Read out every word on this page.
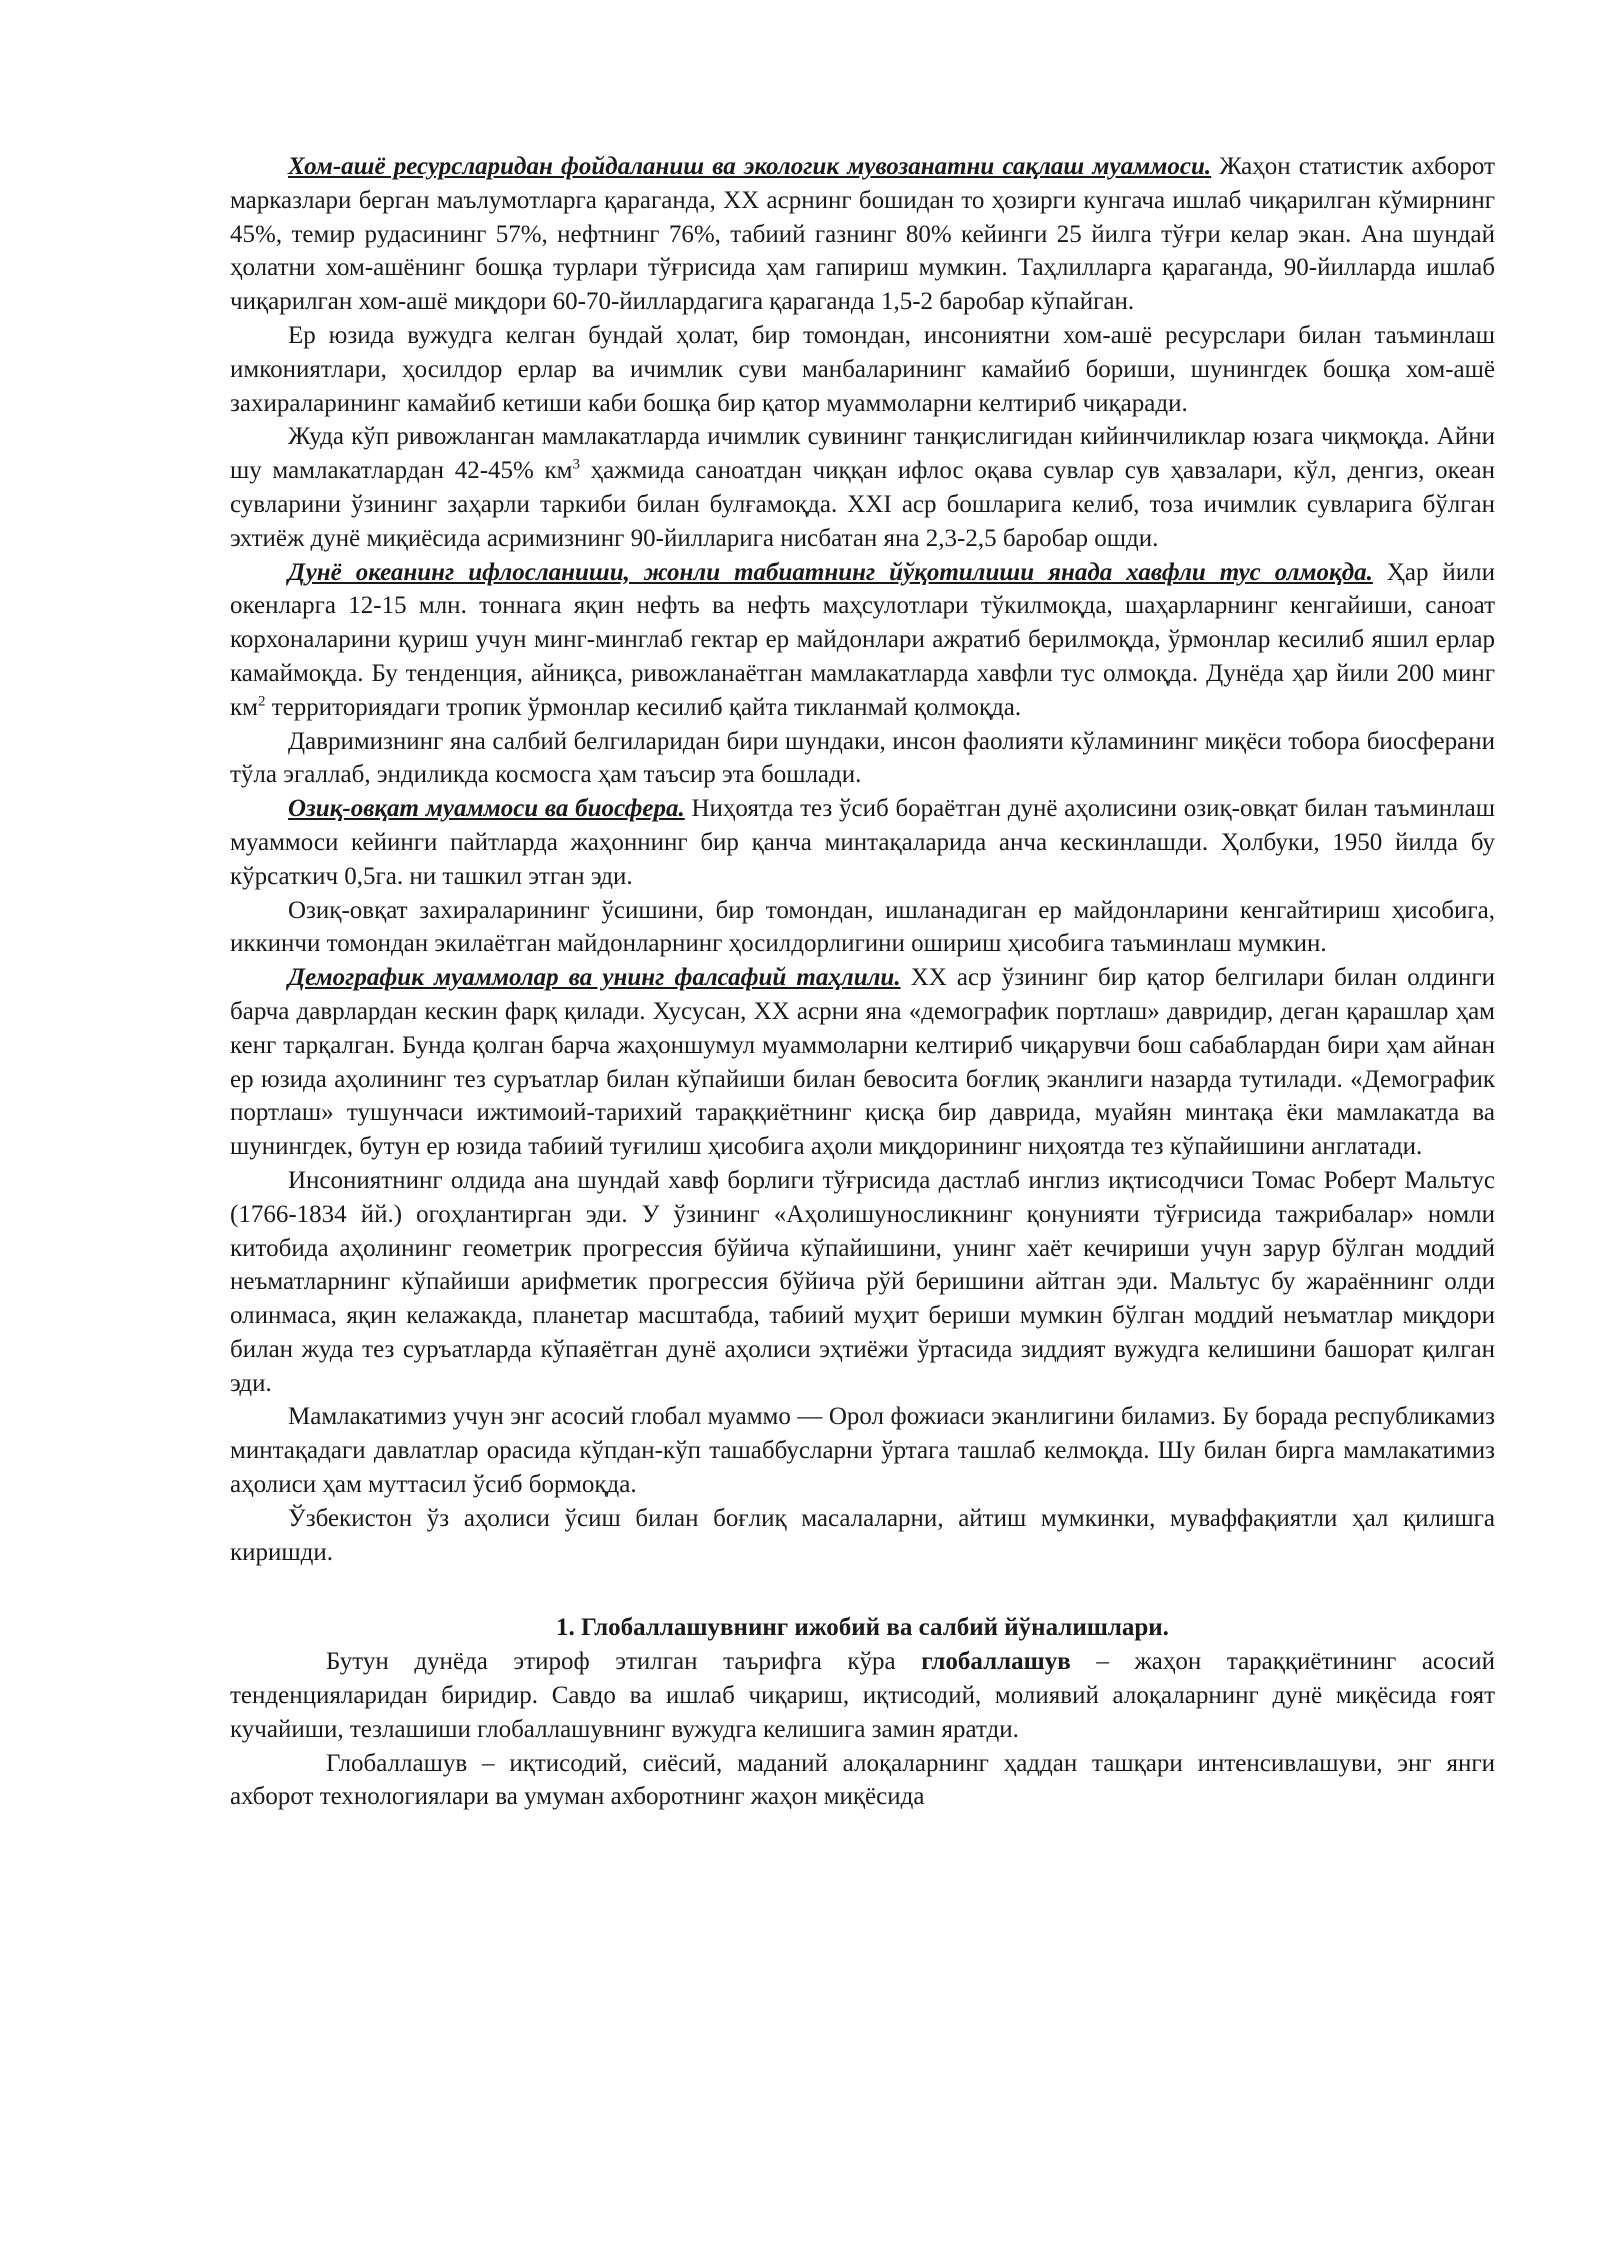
Хом-ашё ресурсларидан фойдаланиш ва экологик мувозанатни сақлаш муаммоси. Жаҳон статистик ахборот марказлари берган маълумотларга қараганда, XX асрнинг бошидан то ҳозирги кунгача ишлаб чиқарилган кўмирнинг 45%, темир рудасининг 57%, нефтнинг 76%, табиий газнинг 80% кейинги 25 йилга тўғри келар экан. Ана шундай ҳолатни хом-ашёнинг бошқа турлари тўғрисида ҳам гапириш мумкин. Таҳлилларга қараганда, 90-йилларда ишлаб чиқарилган хом-ашё миқдори 60-70-йиллардагига қараганда 1,5-2 баробар кўпайган.

Ер юзида вужудга келган бундай ҳолат, бир томондан, инсониятни хом-ашё ресурслари билан таъминлаш имкониятлари, ҳосилдор ерлар ва ичимлик суви манбаларининг камайиб бориши, шунингдек бошқа хом-ашё захираларининг камайиб кетиши каби бошқа бир қатор муаммоларни келтириб чиқаради.

Жуда кўп ривожланган мамлакатларда ичимлик сувининг танқислигидан кийинчиликлар юзага чиқмоқда. Айни шу мамлакатлардан 42-45% $км^3$ ҳажмида саноатдан чиққан ифлос оқава сувлар сув ҳавзалари, кўл, денгиз, океан сувларини ўзининг заҳарли таркиби билан булғамоқда. XXI аср бошларига келиб, тоза ичимлик сувларига бўлган эхтиёж дунё миқиёсида асримизнинг 90-йилларига нисбатан яна 2,3-2,5 баробар ошди.

Дунё океанинг ифлосланиши, жонли табиатнинг йўқотилиши янада хавфли тус олмоқда. Ҳар йили окенларга 12-15 млн. тоннага яқин нефть ва нефть маҳсулотлари тўкилмоқда, шаҳарларнинг кенгайиши, саноат корхоналарини қуриш учун минг-минглаб гектар ер майдонлари ажратиб берилмоқда, ўрмонлар кесилиб яшил ерлар камаймоқда. Бу тенденция, айниқса, ривожланаётган мамлакатларда хавфли тус олмоқда. Дунёда ҳар йили 200 минг $км^2$ территориядаги тропик ўрмонлар кесилиб қайта тикланмай қолмоқда.

Давримизнинг яна салбий белгиларидан бири шундаки, инсон фаолияти кўламининг миқёси тобора биосферани тўла эгаллаб, эндиликда космосга ҳам таъсир этa бошлади.

Озиқ-овқат муаммоси ва биосфера. Ниҳоятда тез ўсиб бораётган дунё аҳолисини озиқ-овқат билан таъминлаш муаммоси кейинги пайтларда жаҳоннинг бир қанча минтақаларида анча кескинлашди. Ҳолбуки, 1950 йилда бу кўрсаткич 0,5га. ни ташкил этган эди.

Озиқ-овқат захираларининг ўсишини, бир томондан, ишланадиган ер майдонларини кенгайтириш ҳисобига, иккинчи томондан экилаётган майдонларнинг ҳосилдорлигини ошириш ҳисобига таъминлаш мумкин.

Демографик муаммолар ва унинг фалсафий таҳлили. XX аср ўзининг бир қатор белгилари билан олдинги барча даврлардан кескин фарқ қилади. Хусусан, XX асрни яна «демографик портлаш» давридир, деган қарашлар ҳам кенг тарқалган. Бунда қолган барча жаҳоншумул муаммоларни келтириб чиқарувчи бош сабаблардан бири ҳам айнан ер юзида аҳолининг тез суръатлар билан кўпайиши билан бевосита боғлиқ эканлиги назарда тутилади. «Демографик портлаш» тушунчаси ижтимоий-тарихий тараққиётнинг қисқа бир даврида, муайян минтақа ёки мамлакатда ва шунингдек, бутун ер юзида табиий туғилиш ҳисобига аҳоли миқдорининг ниҳоятда тез кўпайишини англатади.

Инсониятнинг олдида ана шундай хавф борлиги тўғрисида дастлаб инглиз иқтисодчиси Томас Роберт Мальтус (1766-1834 йй.) огоҳлантирган эди. У ўзининг «Аҳолишуносликнинг қонунияти тўғрисида тажрибалар» номли китобида аҳолининг геометрик прогрессия бўйича кўпайишини, унинг хаёт кечириши учун зарур бўлган моддий неъматларнинг кўпайиши арифметик прогрессия бўйича рўй беришини айтган эди. Мальтус бу жараённинг олди олинмаса, яқин келажакда, планетар масштабда, табиий муҳит бериши мумкин бўлган моддий неъматлар миқдори билан жуда тез суръатларда кўпаяётган дунё аҳолиси эҳтиёжи ўртасида зиддият вужудга келишини башорат қилган эди.

Мамлакатимиз учун энг асосий глобал муаммо — Орол фожиаси эканлигини биламиз. Бу борада республикамиз минтақадаги давлатлар орасида кўпдан-кўп ташаббусларни ўртага ташлаб келмоқда. Шу билан бирга мамлакатимиз аҳолиси ҳам муттасил ўсиб бормоқда.

Ўзбекистон ўз аҳолиси ўсиш билан боғлиқ масалаларни, айтиш мумкинки, муваффақиятли ҳал қилишга киришди.

1. Глобаллашувнинг ижобий ва салбий йўналишлари.

Бутун дунёда этироф этилган таърифга кўра глобаллашув – жаҳон тараққиётининг асосий тенденцияларидан биридир. Савдо ва ишлаб чиқариш, иқтисодий, молиявий алоқаларнинг дунё миқёсида ғоят кучайиши, тезлашиши глобаллашувнинг вужудга келишига замин яратди.

Глобаллашув – иқтисодий, сиёсий, маданий алоқаларнинг ҳаддан ташқари интенсивлашуви, энг янги ахборот технологиялари ва умуман ахборотнинг жаҳон миқёсида
